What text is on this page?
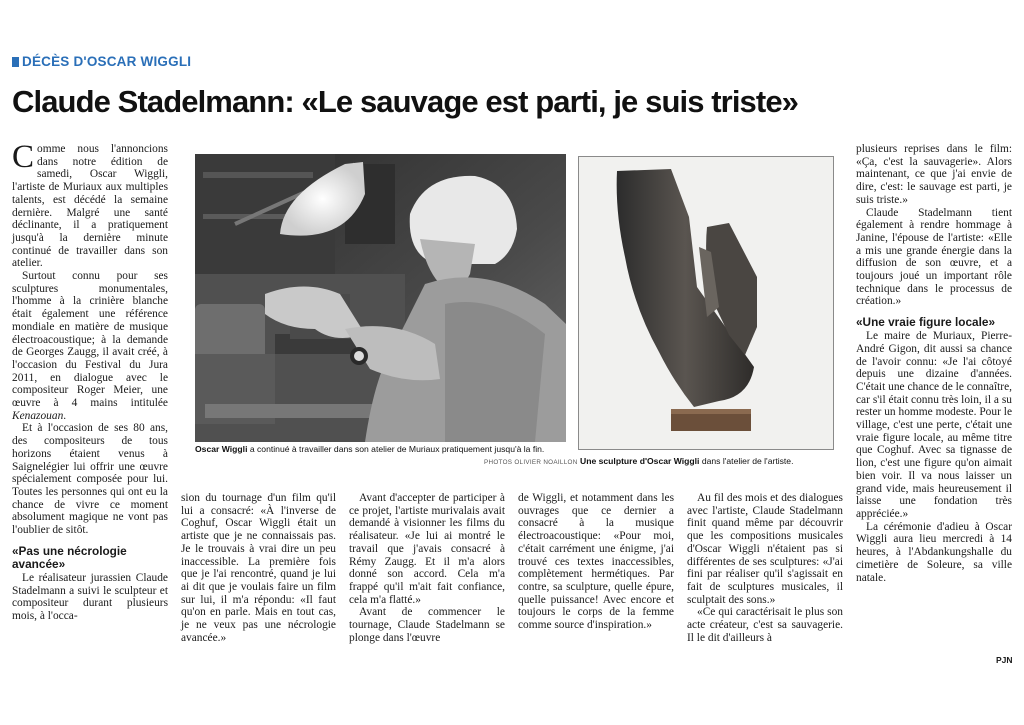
DÉCÈS D'OSCAR WIGGLI
Claude Stadelmann: «Le sauvage est parti, je suis triste»

Comme nous l'annoncions dans notre édition de samedi, Oscar Wiggli, l'artiste de Muriaux aux multiples talents, est décédé la semaine dernière. Malgré une santé déclinante, il a pratiquement jusqu'à la dernière minute continué de travailler dans son atelier.

Surtout connu pour ses sculptures monumentales, l'homme à la crinière blanche était également une référence mondiale en matière de musique électroacoustique; à la demande de Georges Zaugg, il avait créé, à l'occasion du Festival du Jura 2011, en dialogue avec le compositeur Roger Meier, une œuvre à 4 mains intitulée Kenazouan.

Et à l'occasion de ses 80 ans, des compositeurs de tous horizons étaient venus à Saignelégier lui offrir une œuvre spécialement composée pour lui. Toutes les personnes qui ont eu la chance de vivre ce moment absolument magique ne vont pas l'oublier de sitôt.

«Pas une nécrologie avancée»

Le réalisateur jurassien Claude Stadelmann a suivi le sculpteur et compositeur durant plusieurs mois, à l'occa-

Oscar Wiggli a continué à travailler dans son atelier de Muriaux pratiquement jusqu'à la fin.
PHOTOS OLIVIER NOAILLON Une sculpture d'Oscar Wiggli dans l'atelier de l'artiste.

sion du tournage d'un film qu'il lui a consacré: «À l'inverse de Coghuf, Oscar Wiggli était un artiste que je ne connaissais pas. Je le trouvais à vrai dire un peu inaccessible. La première fois que je l'ai rencontré, quand je lui ai dit que je voulais faire un film sur lui, il m'a répondu: «Il faut qu'on en parle. Mais en tout cas, je ne veux pas une nécrologie avancée.»

Avant d'accepter de participer à ce projet, l'artiste murivalais avait demandé à visionner les films du réalisateur. «Je lui ai montré le travail que j'avais consacré à Rémy Zaugg. Et il m'a alors donné son accord. Cela m'a frappé qu'il m'ait fait confiance, cela m'a flatté.»

Avant de commencer le tournage, Claude Stadelmann se plonge dans l'œuvre

de Wiggli, et notamment dans les ouvrages que ce dernier a consacré à la musique électroacoustique: «Pour moi, c'était carrément une énigme, j'ai trouvé ces textes inaccessibles, complètement hermétiques. Par contre, sa sculpture, quelle épure, quelle puissance! Avec encore et toujours le corps de la femme comme source d'inspiration.»

Au fil des mois et des dialogues avec l'artiste, Claude Stadelmann finit quand même par découvrir que les compositions musicales d'Oscar Wiggli n'étaient pas si différentes de ses sculptures: «J'ai fini par réaliser qu'il s'agissait en fait de sculptures musicales, il sculptait des sons.»

«Ce qui caractérisait le plus son acte créateur, c'est sa sauvagerie. Il le dit d'ailleurs à

plusieurs reprises dans le film: «Ça, c'est la sauvagerie». Alors maintenant, ce que j'ai envie de dire, c'est: le sauvage est parti, je suis triste.»

Claude Stadelmann tient également à rendre hommage à Janine, l'épouse de l'artiste: «Elle a mis une grande énergie dans la diffusion de son œuvre, et a toujours joué un important rôle technique dans le processus de création.»

«Une vraie figure locale»

Le maire de Muriaux, Pierre-André Gigon, dit aussi sa chance de l'avoir connu: «Je l'ai côtoyé depuis une dizaine d'années. C'était une chance de le connaître, car s'il était connu très loin, il a su rester un homme modeste. Pour le village, c'est une perte, c'était une vraie figure locale, au même titre que Coghuf. Avec sa tignasse de lion, c'est une figure qu'on aimait bien voir. Il va nous laisser un grand vide, mais heureusement il laisse une fondation très appréciée.»

La cérémonie d'adieu à Oscar Wiggli aura lieu mercredi à 14 heures, à l'Abdankungshalle du cimetière de Soleure, sa ville natale.

PJN
